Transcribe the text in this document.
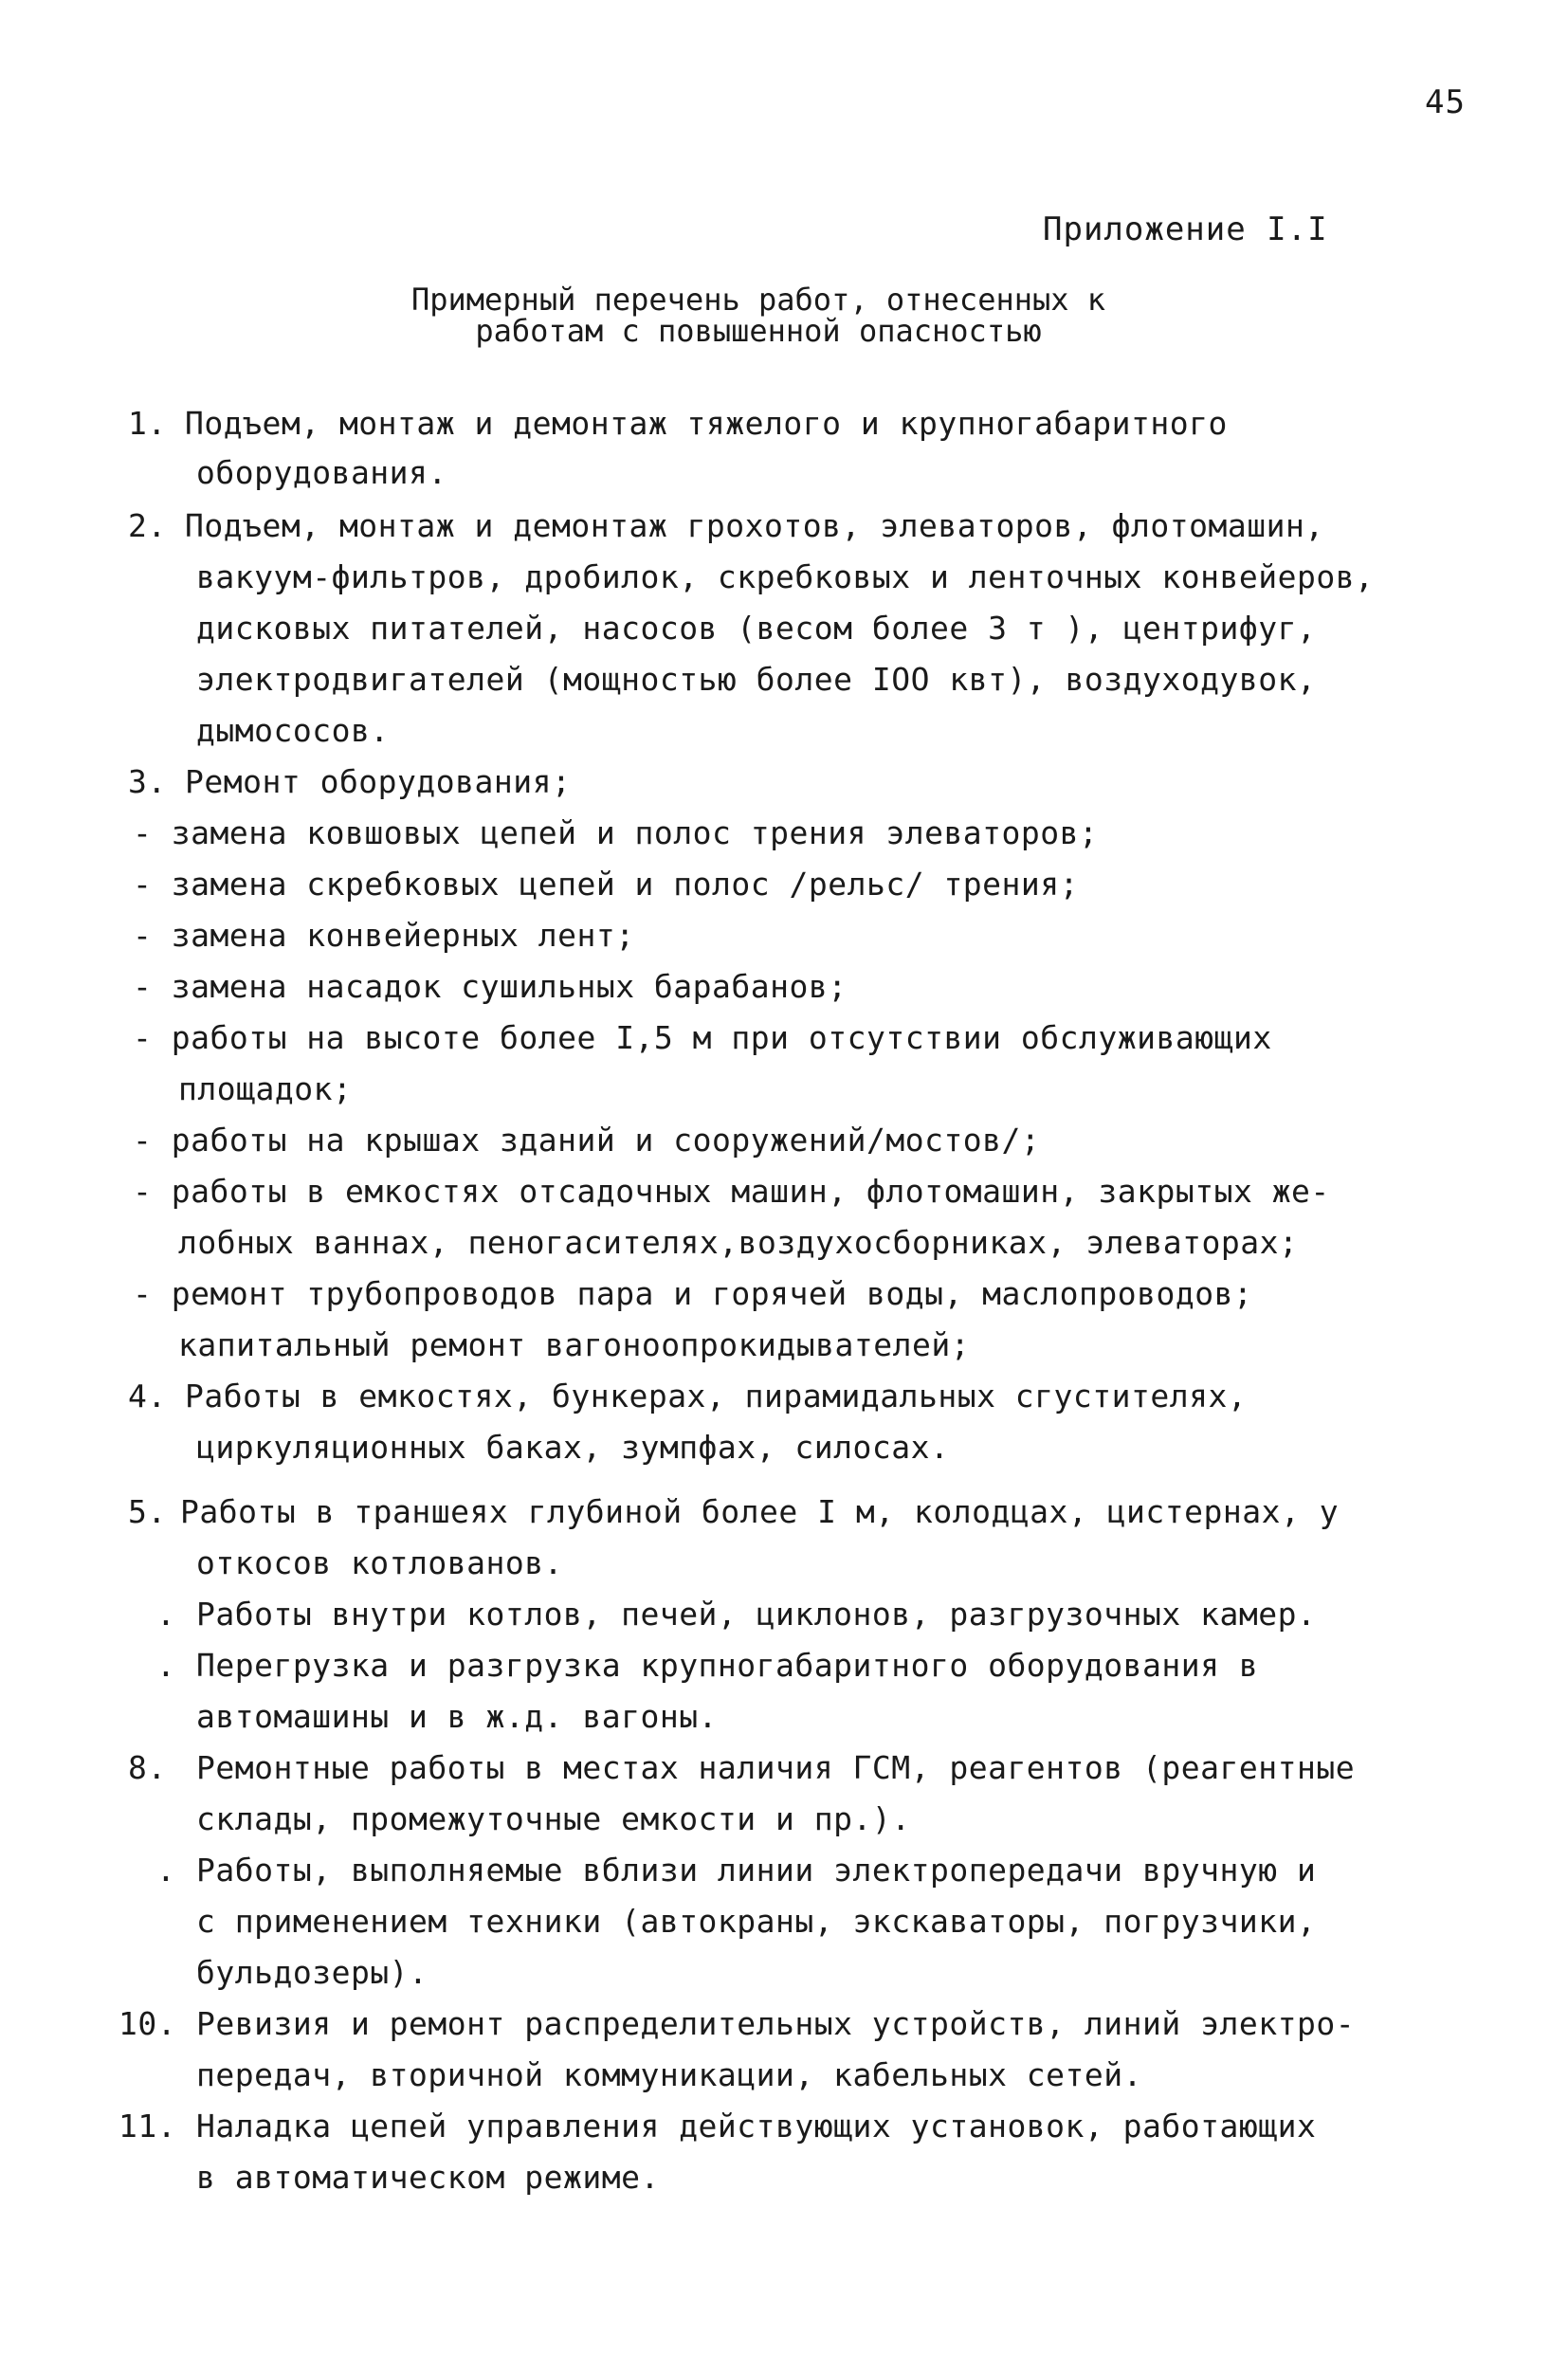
45
Приложение I.I
Примерный перечень работ, отнесенных к
работам с повышенной опасностью
1. Подъем, монтаж и демонтаж тяжелого и крупногабаритного
оборудования.
2. Подъем, монтаж и демонтаж грохотов, элеваторов, флотомашин,
вакуум-фильтров, дробилок, скребковых и ленточных конвейеров,
дисковых питателей, насосов (весом более 3 т ), центрифуг,
электродвигателей (мощностью более IОО квт), воздуходувок,
дымососов.
3. Ремонт оборудования;
- замена ковшовых цепей и полос трения элеваторов;
- замена скребковых цепей и полос /рельс/ трения;
- замена конвейерных лент;
- замена насадок сушильных барабанов;
- работы на высоте более I,5 м при отсутствии обслуживающих
площадок;
- работы на крышах зданий и сооружений/мостов/;
- работы в емкостях отсадочных машин, флотомашин, закрытых же-
лобных ваннах, пеногасителях,воздухосборниках, элеваторах;
- ремонт трубопроводов пара и горячей воды, маслопроводов;
капитальный ремонт вагоноопрокидывателей;
4. Работы в емкостях, бункерах, пирамидальных сгустителях,
циркуляционных баках, зумпфах, силосах.
5. Работы в траншеях глубиной более I м, колодцах, цистернах, у
откосов котлованов.
. Работы внутри котлов, печей, циклонов, разгрузочных камер.
. Перегрузка и разгрузка крупногабаритного оборудования в
автомашины и в ж.д. вагоны.
8. Ремонтные работы в местах наличия ГСМ, реагентов (реагентные
склады, промежуточные емкости и пр.).
. Работы, выполняемые вблизи линии электропередачи вручную и
с применением техники (автокраны, экскаваторы, погрузчики,
бульдозеры).
10. Ревизия и ремонт распределительных устройств, линий электро-
передач, вторичной коммуникации, кабельных сетей.
11. Наладка цепей управления действующих установок, работающих
в автоматическом режиме.
